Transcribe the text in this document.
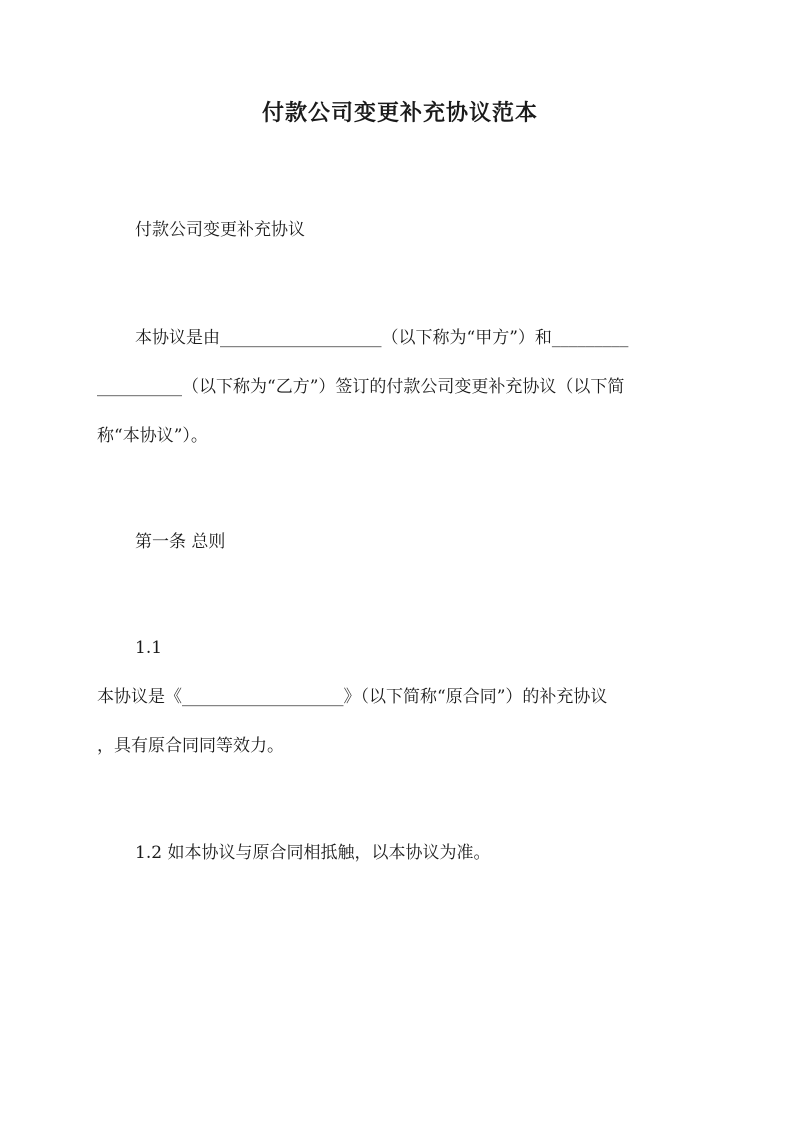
付款公司变更补充协议范本
付款公司变更补充协议
本协议是由___________________（以下称为“甲方”）和_________
__________（以下称为“乙方”）签订的付款公司变更补充协议（以下简
称“本协议”）。
第一条 总则
1.1
本协议是《___________________》（以下简称“原合同”）的补充协议
，具有原合同同等效力。
1.2 如本协议与原合同相抵触，以本协议为准。
